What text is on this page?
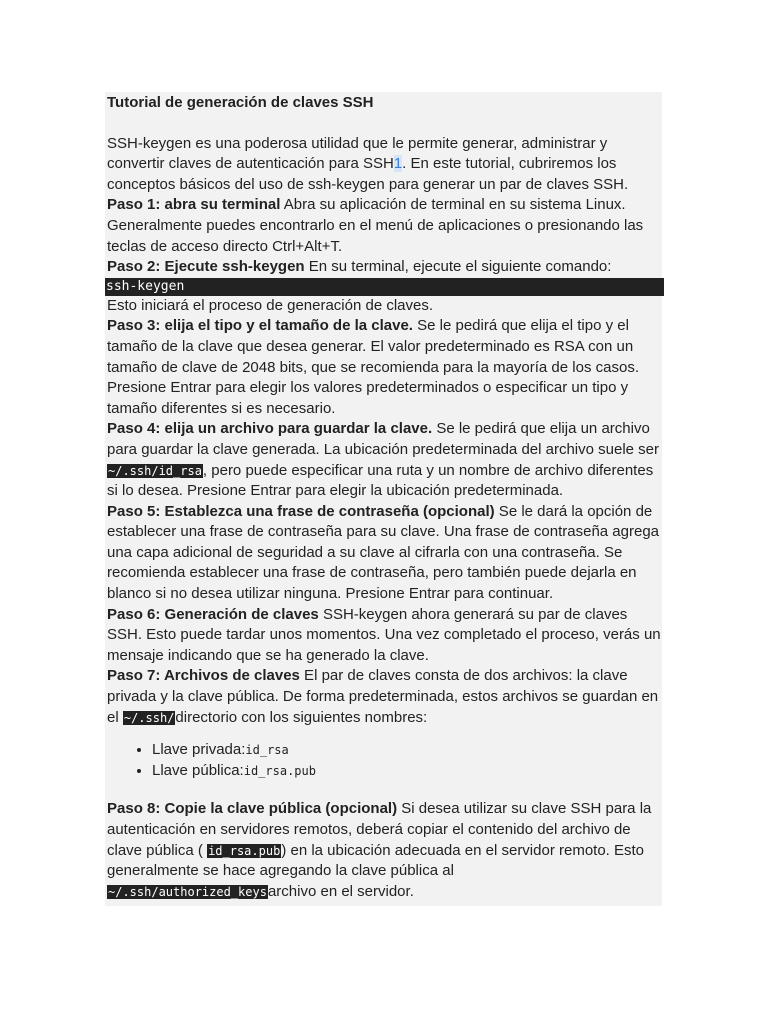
Tutorial de generación de claves SSH

SSH-keygen es una poderosa utilidad que le permite generar, administrar y convertir claves de autenticación para SSH1. En este tutorial, cubriremos los conceptos básicos del uso de ssh-keygen para generar un par de claves SSH.

Paso 1: abra su terminal Abra su aplicación de terminal en su sistema Linux. Generalmente puedes encontrarlo en el menú de aplicaciones o presionando las teclas de acceso directo Ctrl+Alt+T.

Paso 2: Ejecute ssh-keygen En su terminal, ejecute el siguiente comando:

ssh-keygen

Esto iniciará el proceso de generación de claves.

Paso 3: elija el tipo y el tamaño de la clave. Se le pedirá que elija el tipo y el tamaño de la clave que desea generar. El valor predeterminado es RSA con un tamaño de clave de 2048 bits, que se recomienda para la mayoría de los casos. Presione Entrar para elegir los valores predeterminados o especificar un tipo y tamaño diferentes si es necesario.

Paso 4: elija un archivo para guardar la clave. Se le pedirá que elija un archivo para guardar la clave generada. La ubicación predeterminada del archivo suele ser ~/.ssh/id_rsa, pero puede especificar una ruta y un nombre de archivo diferentes si lo desea. Presione Entrar para elegir la ubicación predeterminada.

Paso 5: Establezca una frase de contraseña (opcional) Se le dará la opción de establecer una frase de contraseña para su clave. Una frase de contraseña agrega una capa adicional de seguridad a su clave al cifrarla con una contraseña. Se recomienda establecer una frase de contraseña, pero también puede dejarla en blanco si no desea utilizar ninguna. Presione Entrar para continuar.

Paso 6: Generación de claves SSH-keygen ahora generará su par de claves SSH. Esto puede tardar unos momentos. Una vez completado el proceso, verás un mensaje indicando que se ha generado la clave.

Paso 7: Archivos de claves El par de claves consta de dos archivos: la clave privada y la clave pública. De forma predeterminada, estos archivos se guardan en el ~/.ssh/directorio con los siguientes nombres:

• Llave privada:id_rsa
• Llave pública:id_rsa.pub

Paso 8: Copie la clave pública (opcional) Si desea utilizar su clave SSH para la autenticación en servidores remotos, deberá copiar el contenido del archivo de clave pública ( id_rsa.pub) en la ubicación adecuada en el servidor remoto. Esto generalmente se hace agregando la clave pública al ~/.ssh/authorized_keysarchivo en el servidor.
